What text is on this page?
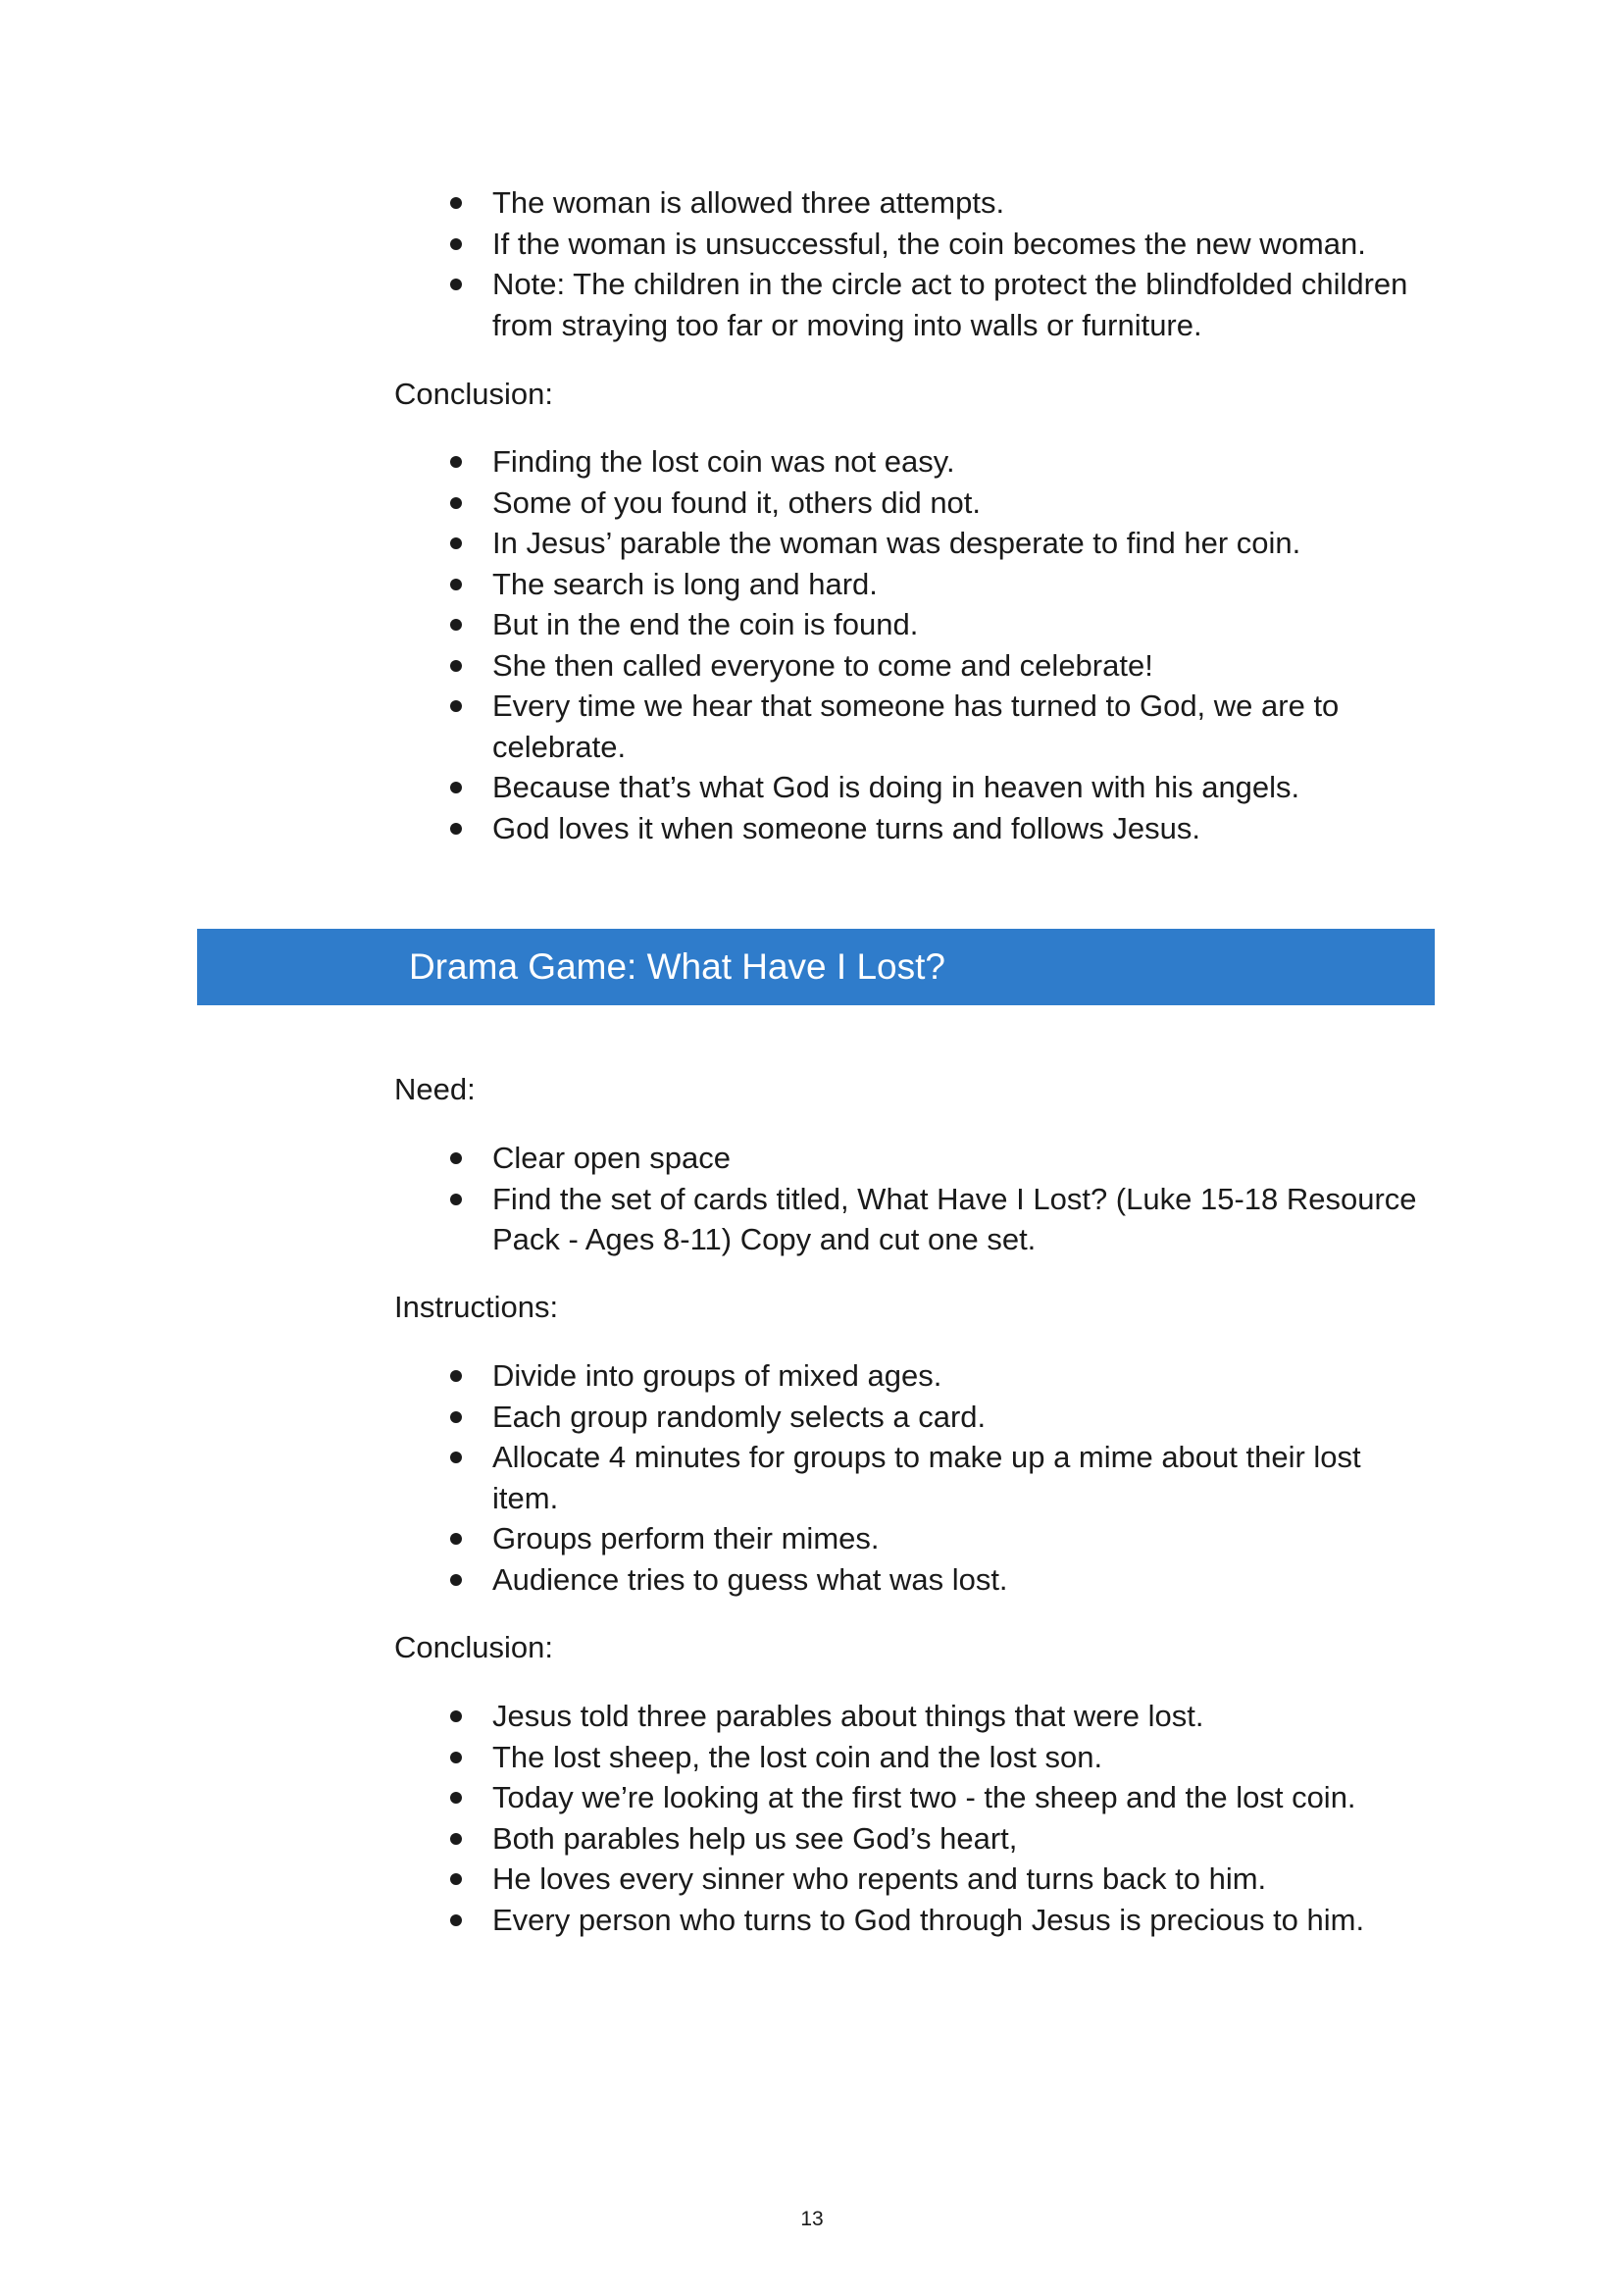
The woman is allowed three attempts.
If the woman is unsuccessful, the coin becomes the new woman.
Note: The children in the circle act to protect the blindfolded children from straying too far or moving into walls or furniture.

Conclusion:

Finding the lost coin was not easy.
Some of you found it, others did not.
In Jesus’ parable the woman was desperate to find her coin.
The search is long and hard.
But in the end the coin is found.
She then called everyone to come and celebrate!
Every time we hear that someone has turned to God, we are to celebrate.
Because that’s what God is doing in heaven with his angels.
God loves it when someone turns and follows Jesus.
Drama Game: What Have I Lost?

Need:

Clear open space
Find the set of cards titled, What Have I Lost? (Luke 15-18 Resource Pack - Ages 8-11) Copy and cut one set.

Instructions:

Divide into groups of mixed ages.
Each group randomly selects a card.
Allocate 4 minutes for groups to make up a mime about their lost item.
Groups perform their mimes.
Audience tries to guess what was lost.

Conclusion:

Jesus told three parables about things that were lost.
The lost sheep, the lost coin and the lost son.
Today we’re looking at the first two - the sheep and the lost coin.
Both parables help us see God’s heart,
He loves every sinner who repents and turns back to him.
Every person who turns to God through Jesus is precious to him.
13
